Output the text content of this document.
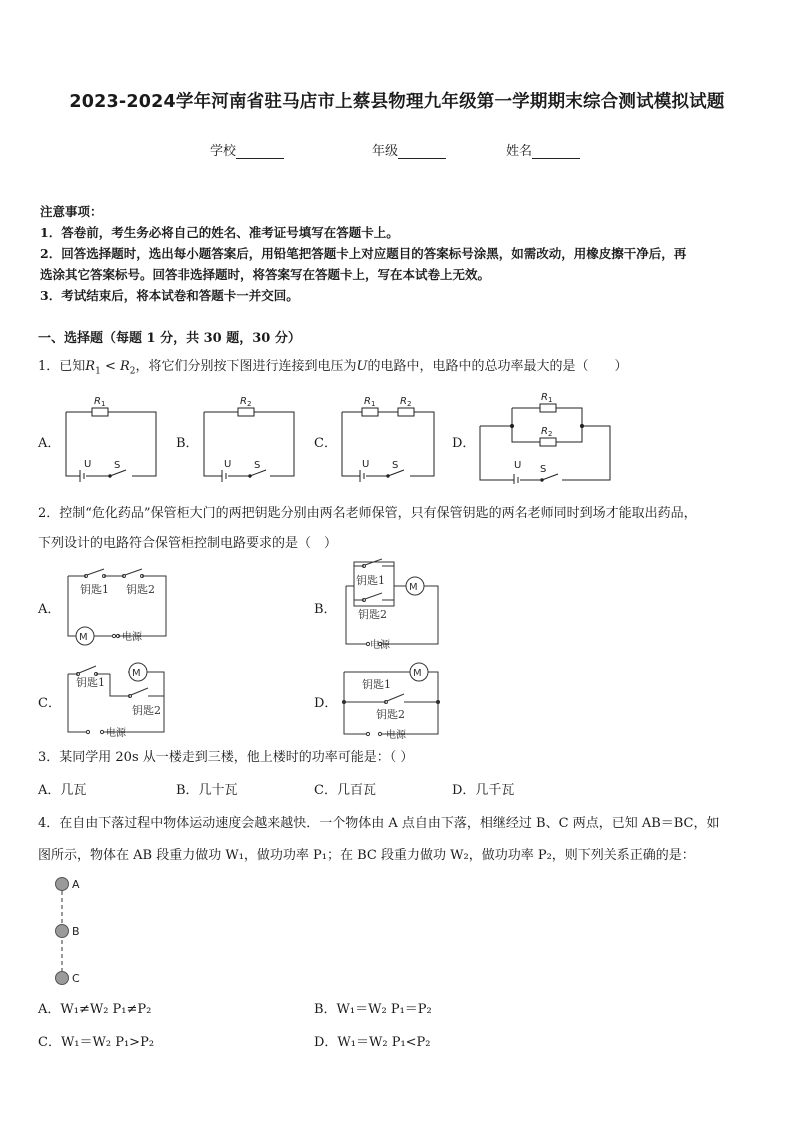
2023-2024学年河南省驻马店市上蔡县物理九年级第一学期期末综合测试模拟试题
学校	年级	姓名
注意事项：
1．答卷前，考生务必将自己的姓名、准考证号填写在答题卡上。
2．回答选择题时，选出每小题答案后，用铅笔把答题卡上对应题目的答案标号涂黑，如需改动，用橡皮擦干净后，再
选涂其它答案标号。回答非选择题时，将答案写在答题卡上，写在本试卷上无效。
3．考试结束后，将本试卷和答题卡一并交回。
一、选择题（每题 1 分，共 30 题，30 分）
1．已知$R_1 < R_2$，将它们分别按下图进行连接到电压为U的电路中，电路中的总功率最大的是（　　）
A．	B．	C．	D．
R 1
U S
R 2
U S
R 1 R 2
U S
R 1
R 2
U S
2．控制“危化药品”保管柜大门的两把钥匙分别由两名老师保管，只有保管钥匙的两名老师同时到场才能取出药品，
下列设计的电路符合保管柜控制电路要求的是（　）
A．	B．
C．	D．
钥匙1 钥匙2
M	电源
钥匙1
钥匙2
M
电源
钥匙1
钥匙2
M
电源
钥匙1
钥匙2
M
电源
3．某同学用 20s 从一楼走到三楼，他上楼时的功率可能是：（ ）
A．几瓦	B．几十瓦	C．几百瓦	D．几千瓦
4．在自由下落过程中物体运动速度会越来越快．一个物体由 A 点自由下落，相继经过 B、C 两点，已知 AB＝BC，如
图所示，物体在 AB 段重力做功 W₁，做功功率 P₁；在 BC 段重力做功 W₂，做功功率 P₂，则下列关系正确的是：
A
B
C
A．W₁≠W₂ P₁≠P₂	B．W₁＝W₂ P₁＝P₂
C．W₁＝W₂ P₁>P₂	D．W₁＝W₂ P₁<P₂
